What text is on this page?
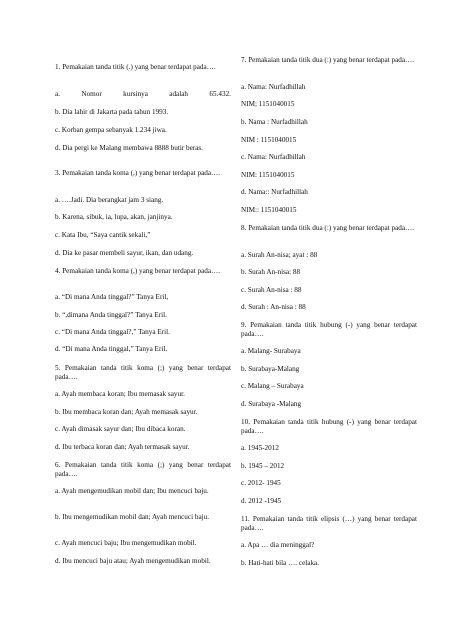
1. Pemakaian tanda titik (.) yang benar terdapat pada….

a.	Nomor	kursinya	adalah	65.432.

b. Dia lahir di Jakarta pada tahun 1993.

c. Korban gempa sebanyak 1.234 jiwa.

d. Dia pergi ke Malang membawa 8888 butir beras.

3. Pemakaian tanda koma (,) yang benar terdapat pada….

a. ….Jadi. Dia berangkat jam 3 siang.

b. Karena, sibuk, ia, lupa, akan, janjinya.

c. Kata Ibu, “Saya cantik sekali,”

d. Dia ke pasar membeli sayur, ikan, dan udang.

4. Pemakaian tanda koma (,) yang benar terdapat pada….

a. “Di mana Anda tinggal?” Tanya Eril,

b. “,dimana Anda tinggal?” Tanya Eril.

c. “Di mana Anda tinggal?,” Tanya Eril.

d. “Di mana Anda tinggal,” Tanya Eril.

5. Pemakaian tanda titik koma (;) yang benar terdapat pada….

a. Ayah membaca koran; Ibu memasak sayur.

b. Ibu membaca koran dan; Ayah memasak sayur.

c. Ayah dimasak sayur dan; Ibu dibaca koran.

d. Ibu terbaca koran dan; Ayah termasak sayur.

6. Pemakaian tanda titik koma (;) yang benar terdapat pada….

a. Ayah mengemudikan mobil dan; Ibu mencuci baju.

b. Ibu mengemudikan mobil dan; Ayah mencuci baju.

c. Ayah mencuci baju; Ibu mengemudikan mobil.

d. Ibu mencuci baju atau; Ayah mengemudikan mobil.

7. Pemakaian tanda titik dua (:) yang benar terdapat pada….

a. Nama: Nurfadhillah

NIM; 1151040015

b. Nama : Nurfadhillah

NIM : 1151040015

c. Nama: Nurfadhillah

NIM: 1151040015

d. Nama:: Nurfadhillah

NIM:: 1151040015

8. Pemakaian tanda titik dua (:) yang benar terdapat pada….

a. Surah An-nisa; ayat : 88

b. Surah An-nisa: 88

c. Surah An-nisa : 88

d. Surah : An-nisa : 88

9. Pemakaian tanda titik hubung (-) yang benar terdapat pada….

a. Malang- Surabaya

b. Surabaya-Malang

c. Malang – Surabaya

d. Surabaya -Malang

10. Pemakaian tanda titik hubung (-) yang benar terdapat pada….

a. 1945-2012

b. 1945 – 2012

c. 2012- 1945

d. 2012 -1945

11. Pemakaian tanda titik elipsis (…) yang benar terdapat pada….

a. Apa … dia meninggal?

b. Hati-hati bila …. celaka.
